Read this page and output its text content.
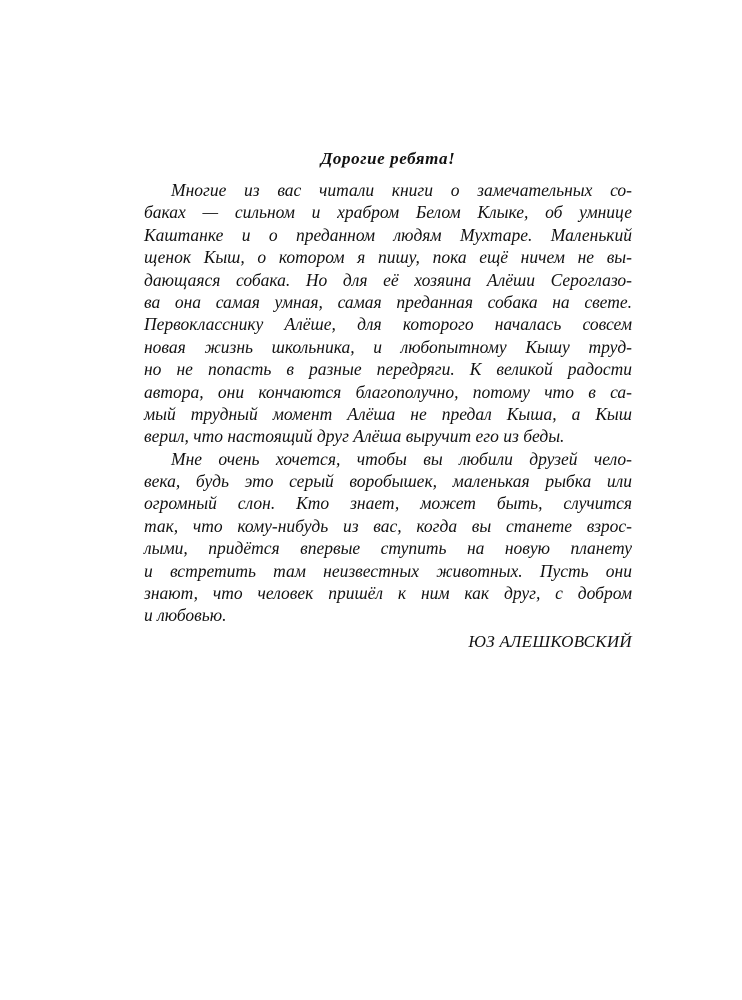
Дорогие ребята!
Многие из вас читали книги о замечательных со-
баках — сильном и храбром Белом Клыке, об умнице
Каштанке и о преданном людям Мухтаре. Маленький
щенок Кыш, о котором я пишу, пока ещё ничем не вы-
дающаяся собака. Но для её хозяина Алёши Сероглазо-
ва она самая умная, самая преданная собака на свете.
Первокласснику Алёше, для которого началась совсем
новая жизнь школьника, и любопытному Кышу труд-
но не попасть в разные передряги. К великой радости
автора, они кончаются благополучно, потому что в са-
мый трудный момент Алёша не предал Кыша, а Кыш
верил, что настоящий друг Алёша выручит его из беды.
Мне очень хочется, чтобы вы любили друзей чело-
века, будь это серый воробышек, маленькая рыбка или
огромный слон. Кто знает, может быть, случится
так, что кому-нибудь из вас, когда вы станете взрос-
лыми, придётся впервые ступить на новую планету
и встретить там неизвестных животных. Пусть они
знают, что человек пришёл к ним как друг, с добром
и любовью.
ЮЗ АЛЕШКОВСКИЙ
